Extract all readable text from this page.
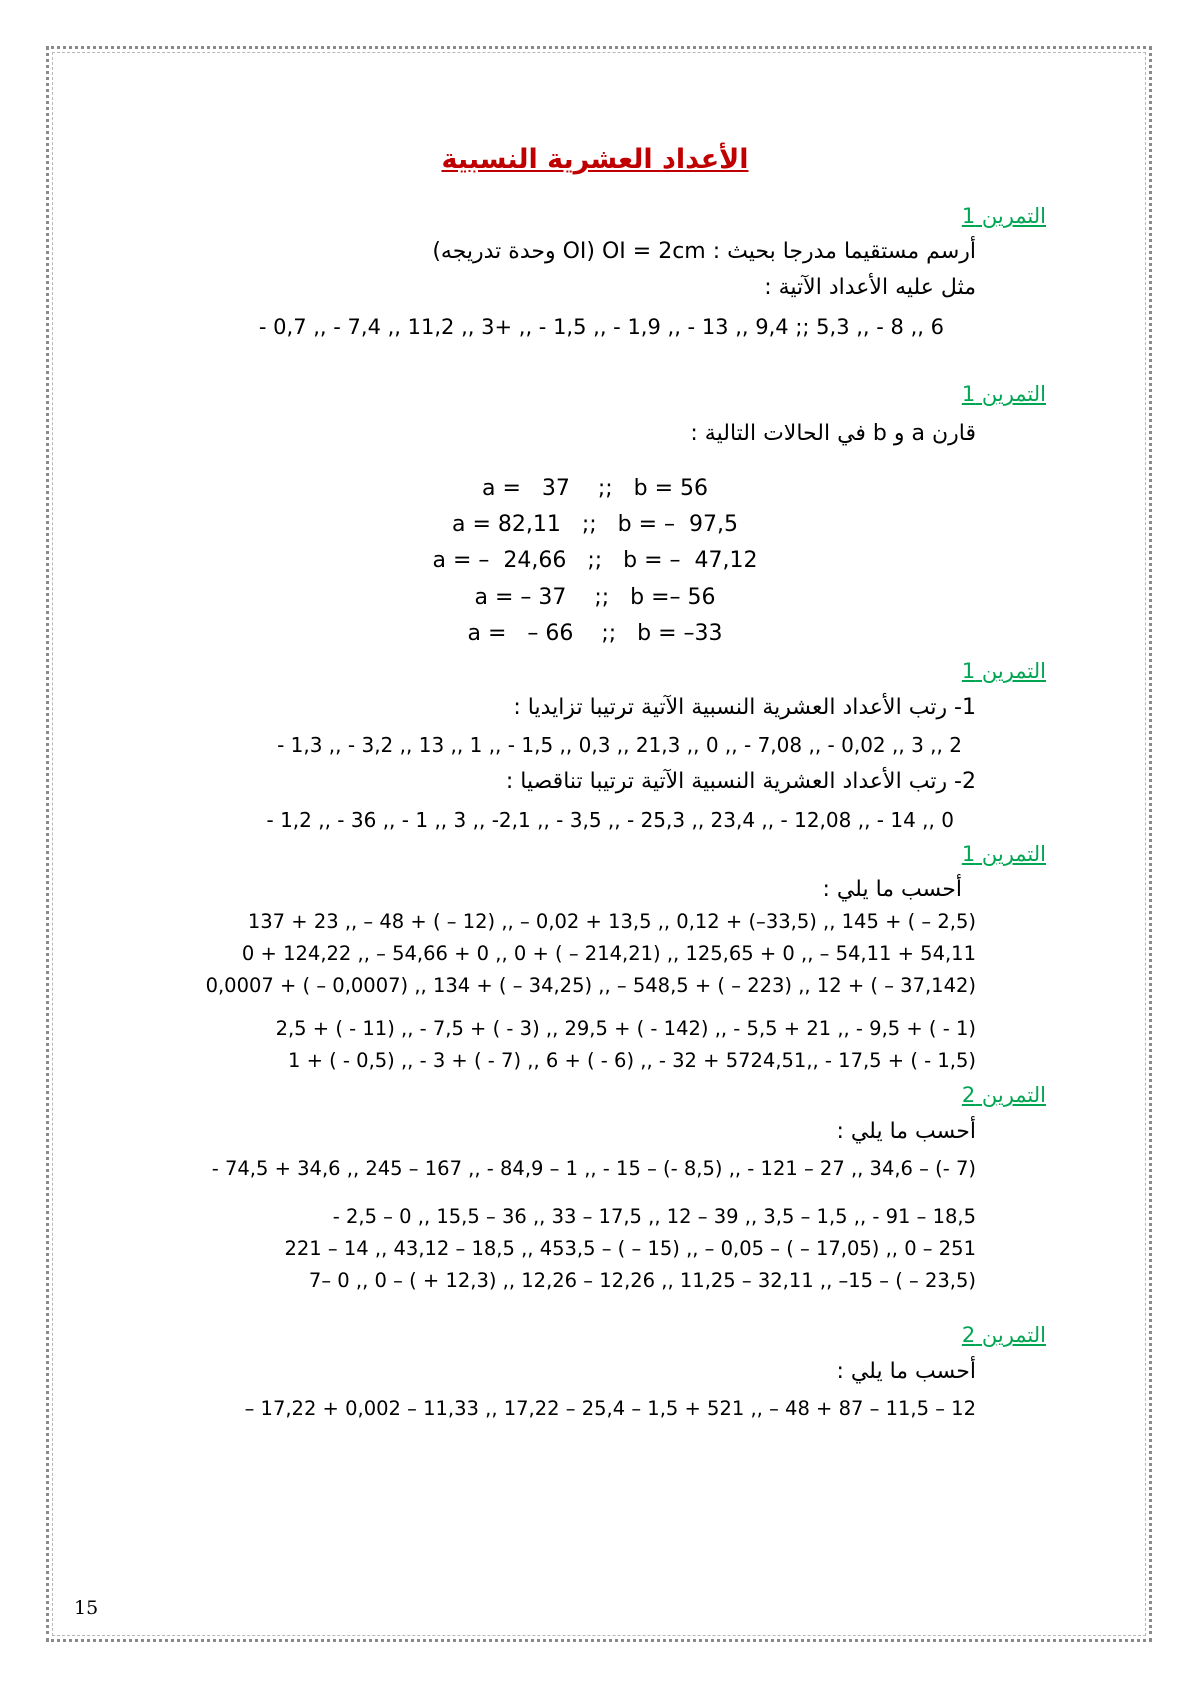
الأعداد العشرية النسبية
التمرين 1
أرسم مستقيما مدرجا بحيث : OI = 2cm (OI وحدة تدريجه)
مثل عليه الأعداد الآتية :
6 ,, 8 - ,, 5,3 ;; 9,4 ,, 13 - ,, 1,9 - ,, 1,5 - ,, +3 ,, 11,2 ,, 7,4 - ,, 0,7 -
التمرين 1
قارن a و b في الحالات التالية :
a =   37    ;;   b = 56
a = 82,11   ;;   b = –  97,5
a = –  24,66   ;;   b = –  47,12
a = – 37    ;;   b =– 56
a =   – 66    ;;   b = –33
التمرين 1
1- رتب الأعداد العشرية النسبية الآتية ترتيبا تزايديا :
2 ,, 3 ,, 0,02 - ,, 7,08 - ,, 0 ,, 21,3 ,, 0,3 ,, 1,5 - ,, 1 ,, 13 ,, 3,2 - ,, 1,3 -
2- رتب الأعداد العشرية النسبية الآتية ترتيبا تناقصيا :
0 ,, 14 - ,, 12,08 - ,, 23,4 ,, 25,3 - ,, 3,5 - ,, 2,1- ,, 3 ,, 1 - ,, 36 - ,, 1,2 -
التمرين 1
أحسب ما يلي :
(2,5 – ) + 145 ,, (33,5–) + 0,12 ,, 13,5 + 0,02 – ,, (12 – ) + 48 – ,, 23 + 137
54,11 + 54,11 – ,, 0 + 125,65 ,, (214,21 – ) + 0 ,, 0 + 54,66 – ,, 124,22 + 0
(37,142 – ) + 12 ,, (223 – ) + 548,5 – ,, (34,25 – ) + 134 ,, (0,0007 – ) + 0,0007
(1 - ) + 9,5 - ,, 21 + 5,5 - ,, (142 - ) + 29,5 ,, (3 - ) + 7,5 - ,, (11 - ) + 2,5
(1,5 - ) + 17,5 - ,,5724,51 + 32 - ,, (6 - ) + 6 ,, (7 - ) + 3 - ,, (0,5 - ) + 1
التمرين 2
أحسب ما يلي :
(7 -) – 34,6 ,, 27 – 121 - ,, (8,5 -) – 15 - ,, 1 – 84,9 - ,, 167 – 245 ,, 34,6 + 74,5 -
18,5 – 91 - ,, 1,5 – 3,5 ,, 39 – 12 ,, 17,5 – 33 ,, 36 – 15,5 ,, 0 – 2,5 -
251 – 0 ,, (17,05 – ) – 0,05 – ,, (15 – ) – 453,5 ,, 18,5 – 43,12 ,, 14 – 221
(23,5 – ) – 15– ,, 32,11 – 11,25 ,, 12,26 – 12,26 ,, (12,3 + ) – 0 ,, 0 –7
التمرين 2
أحسب ما يلي :
12 – 11,5 – 87 + 48 – ,, 521 + 1,5 – 25,4 – 17,22 ,, 11,33 – 0,002 + 17,22 –
15
